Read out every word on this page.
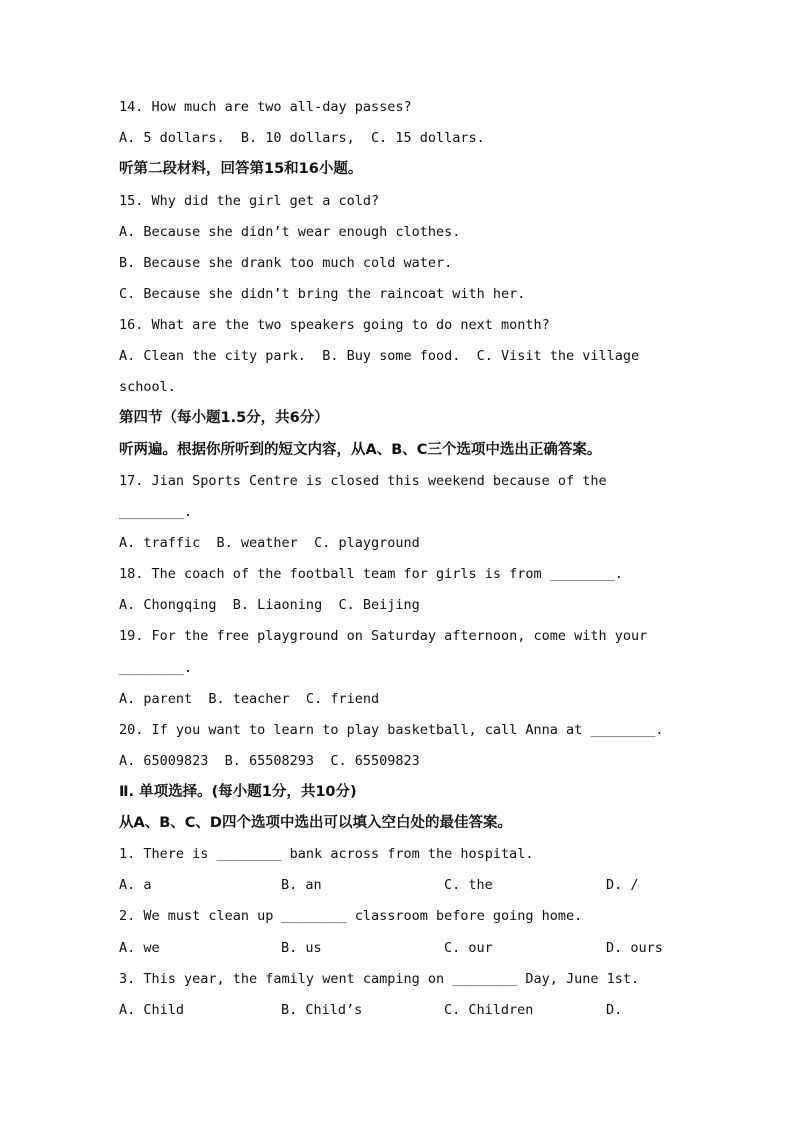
14. How much are two all-day passes?
A. 5 dollars.  B. 10 dollars,  C. 15 dollars.
听第二段材料，回答第15和16小题。
15. Why did the girl get a cold?
A. Because she didn’t wear enough clothes.
B. Because she drank too much cold water.
C. Because she didn’t bring the raincoat with her.
16. What are the two speakers going to do next month?
A. Clean the city park.  B. Buy some food.  C. Visit the village
school.
第四节（每小题1.5分，共6分）
听两遍。根据你所听到的短文内容，从A、B、C三个选项中选出正确答案。
17. Jian Sports Centre is closed this weekend because of the
________.
A. traffic  B. weather  C. playground
18. The coach of the football team for girls is from ________.
A. Chongqing  B. Liaoning  C. Beijing
19. For the free playground on Saturday afternoon, come with your
________.
A. parent  B. teacher  C. friend
20. If you want to learn to play basketball, call Anna at ________.
A. 65009823  B. 65508293  C. 65509823
Ⅱ. 单项选择。(每小题1分，共10分)
从A、B、C、D四个选项中选出可以填入空白处的最佳答案。
1. There is ________ bank across from the hospital.
A. a	B. an	C. the	D. /
2. We must clean up ________ classroom before going home.
A. we	B. us	C. our	D. ours
3. This year, the family went camping on ________ Day, June 1st.
A. Child	B. Child’s	C. Children	D.
